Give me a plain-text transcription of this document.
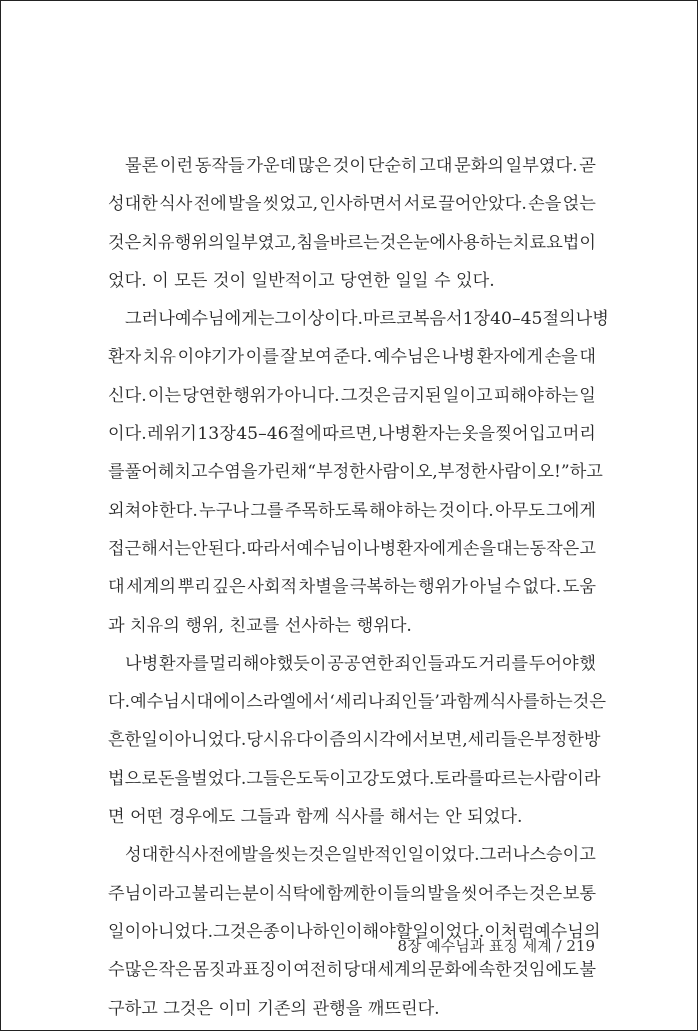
물론 이런 동작들 가운데 많은 것이 단순히 고대 문화의 일부였다. 곧
성대한 식사 전에 발을 씻었고, 인사하면서 서로 끌어안았다. 손을 얹는
것은 치유 행위의 일부였고, 침을 바르는 것은 눈에 사용하는 치료 요법이
었다. 이 모든 것이 일반적이고 당연한 일일 수 있다.
그러나 예수님에게는 그 이상이다. 마르코 복음서 1장 40–45절의 나병
환자 치유 이야기가 이를 잘 보여 준다. 예수님은 나병 환자에게 손을 대
신다. 이는 당연한 행위가 아니다. 그것은 금지된 일이고 피해야 하는 일
이다. 레위기 13장 45–46절에 따르면, 나병 환자는 옷을 찢어 입고 머리
를 풀어 헤치고 수염을 가린 채 “부정한 사람이오, 부정한 사람이오!” 하고
외쳐야 한다. 누구나 그를 주목하도록 해야 하는 것이다. 아무도 그에게
접근해서는 안 된다. 따라서 예수님이 나병 환자에게 손을 대는 동작은 고
대 세계의 뿌리 깊은 사회적 차별을 극복하는 행위가 아닐 수 없다. 도움
과 치유의 행위, 친교를 선사하는 행위다.
나병 환자를 멀리해야 했듯이 공공연한 죄인들과도 거리를 두어야 했
다. 예수님 시대에 이스라엘에서 ‘세리나 죄인들’과 함께 식사를 하는 것은
흔한 일이 아니었다. 당시 유다이즘의 시각에서 보면, 세리들은 부정한 방
법으로 돈을 벌었다. 그들은 도둑이고 강도였다. 토라를 따르는 사람이라
면 어떤 경우에도 그들과 함께 식사를 해서는 안 되었다.
성대한 식사 전에 발을 씻는 것은 일반적인 일이었다. 그러나 스승이고
주님이라고 불리는 분이 식탁에 함께한 이들의 발을 씻어 주는 것은 보통
일이 아니었다. 그것은 종이나 하인이 해야 할 일이었다. 이처럼 예수님의
수많은 작은 몸짓과 표징이 여전히 당대 세계의 문화에 속한 것임에도 불
구하고 그것은 이미 기존의 관행을 깨뜨린다.
8장 예수님과 표징 세계 / 219
